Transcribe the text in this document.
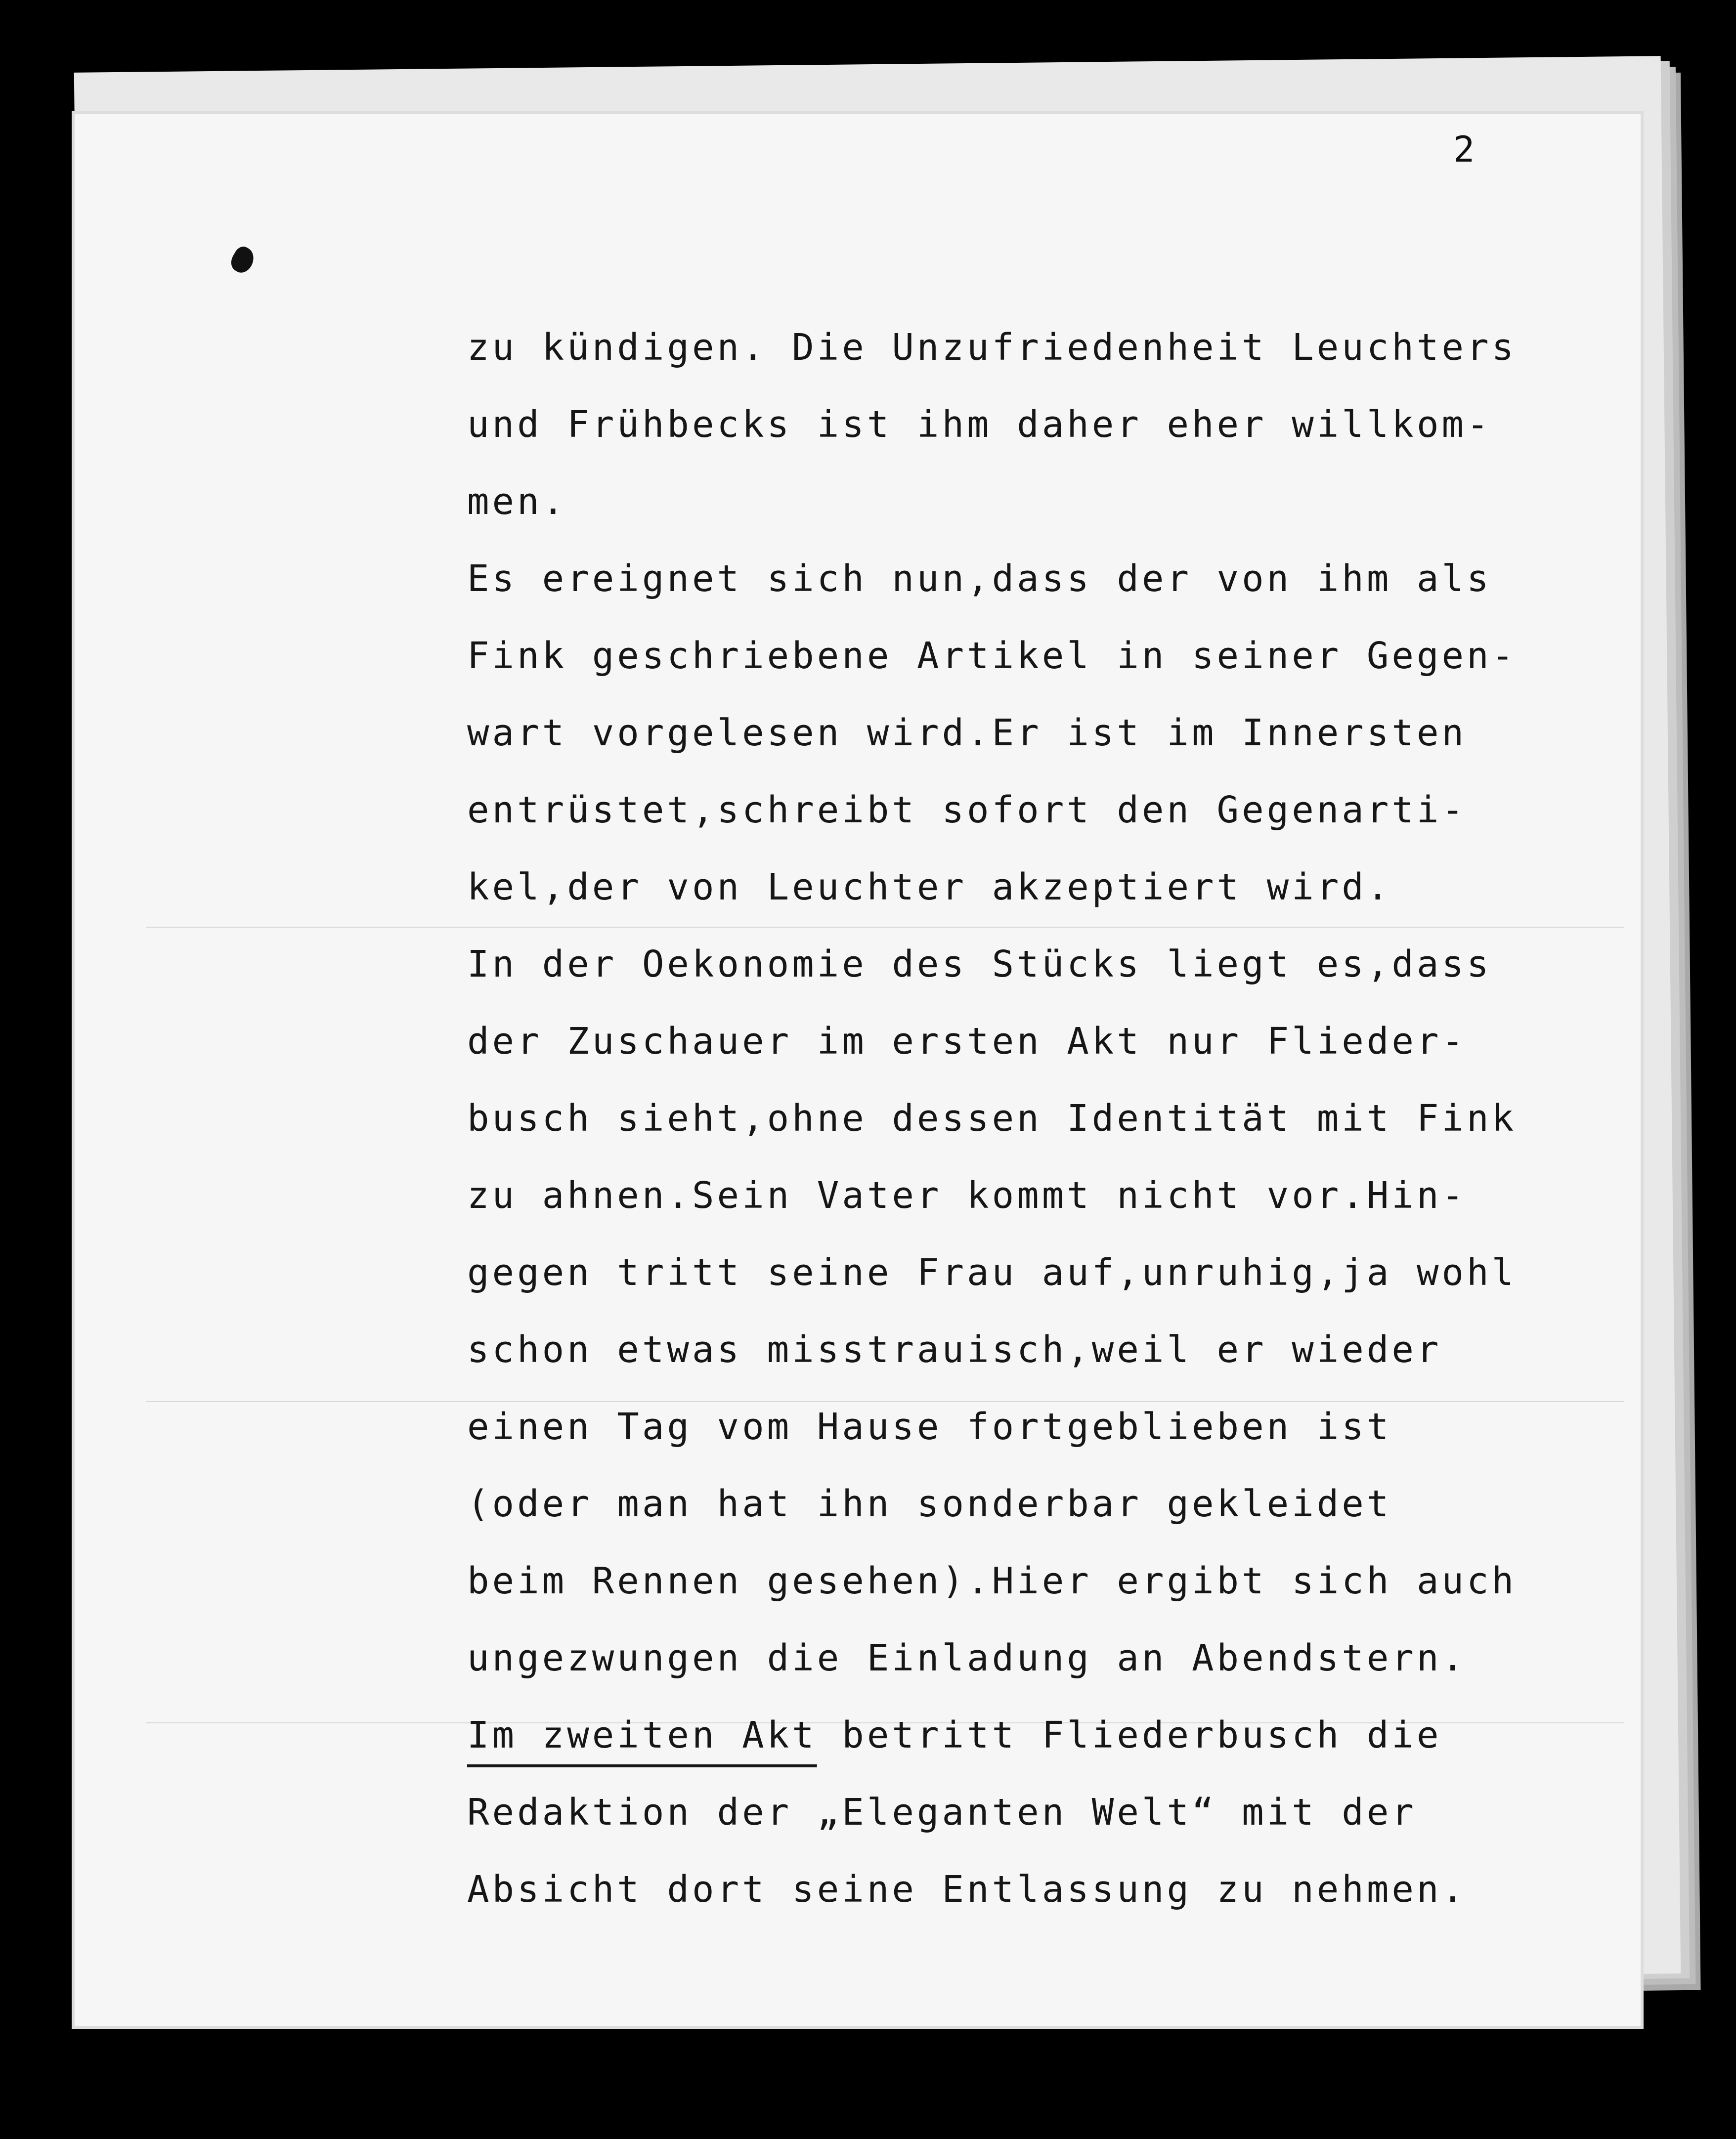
2
zu kündigen. Die Unzufriedenheit Leuchters
und Frühbecks ist ihm daher eher willkom-
men.
Es ereignet sich nun,dass der von ihm als
Fink geschriebene Artikel in seiner Gegen-
wart vorgelesen wird.Er ist im Innersten
entrüstet,schreibt sofort den Gegenarti-
kel,der von Leuchter akzeptiert wird.
In der Oekonomie des Stücks liegt es,dass
der Zuschauer im ersten Akt nur Flieder-
busch sieht,ohne dessen Identität mit Fink
zu ahnen.Sein Vater kommt nicht vor.Hin-
gegen tritt seine Frau auf,unruhig,ja wohl
schon etwas misstrauisch,weil er wieder
einen Tag vom Hause fortgeblieben ist
(oder man hat ihn sonderbar gekleidet
beim Rennen gesehen).Hier ergibt sich auch
ungezwungen die Einladung an Abendstern.
Im zweiten Akt betritt Fliederbusch die
Redaktion der „Eleganten Welt“ mit der
Absicht dort seine Entlassung zu nehmen.
